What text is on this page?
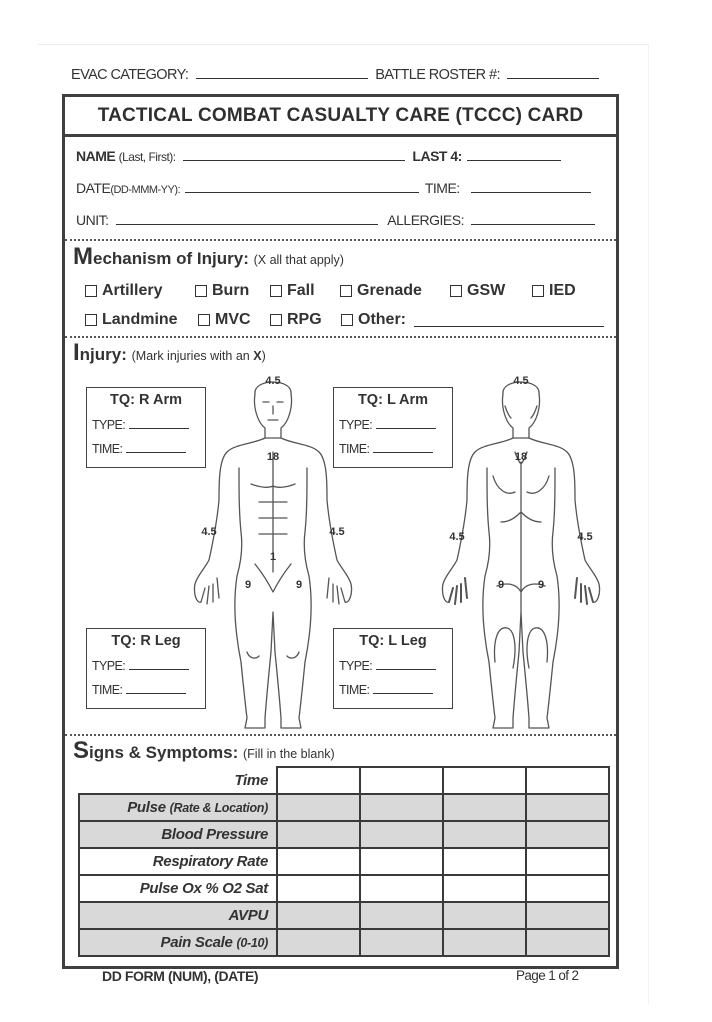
EVAC CATEGORY:	BATTLE ROSTER #:
TACTICAL COMBAT CASUALTY CARE (TCCC) CARD
NAME (Last, First):	LAST 4:
DATE(DD-MMM-YY):	TIME:
UNIT:	ALLERGIES:
Mechanism of Injury: (X all that apply)
Artillery	Burn Fall	Grenade	GSW	IED
Landmine MVC RPG Other:
Injury: (Mark injuries with an X)
4.5
18
4.5	4.5
1
9	9
4.5
18
4.5	4.5
9	9
TQ: R Arm
TYPE:
TIME:
TQ: L Arm
TYPE:
TIME:
TQ: R Leg
TYPE:
TIME:
TQ: L Leg
TYPE:
TIME:
Signs & Symptoms: (Fill in the blank)
Time				
Pulse (Rate & Location)				
Blood Pressure				
Respiratory Rate				
Pulse Ox % O2 Sat				
AVPU				
Pain Scale (0-10)				
DD FORM (NUM), (DATE)	Page 1 of 2
